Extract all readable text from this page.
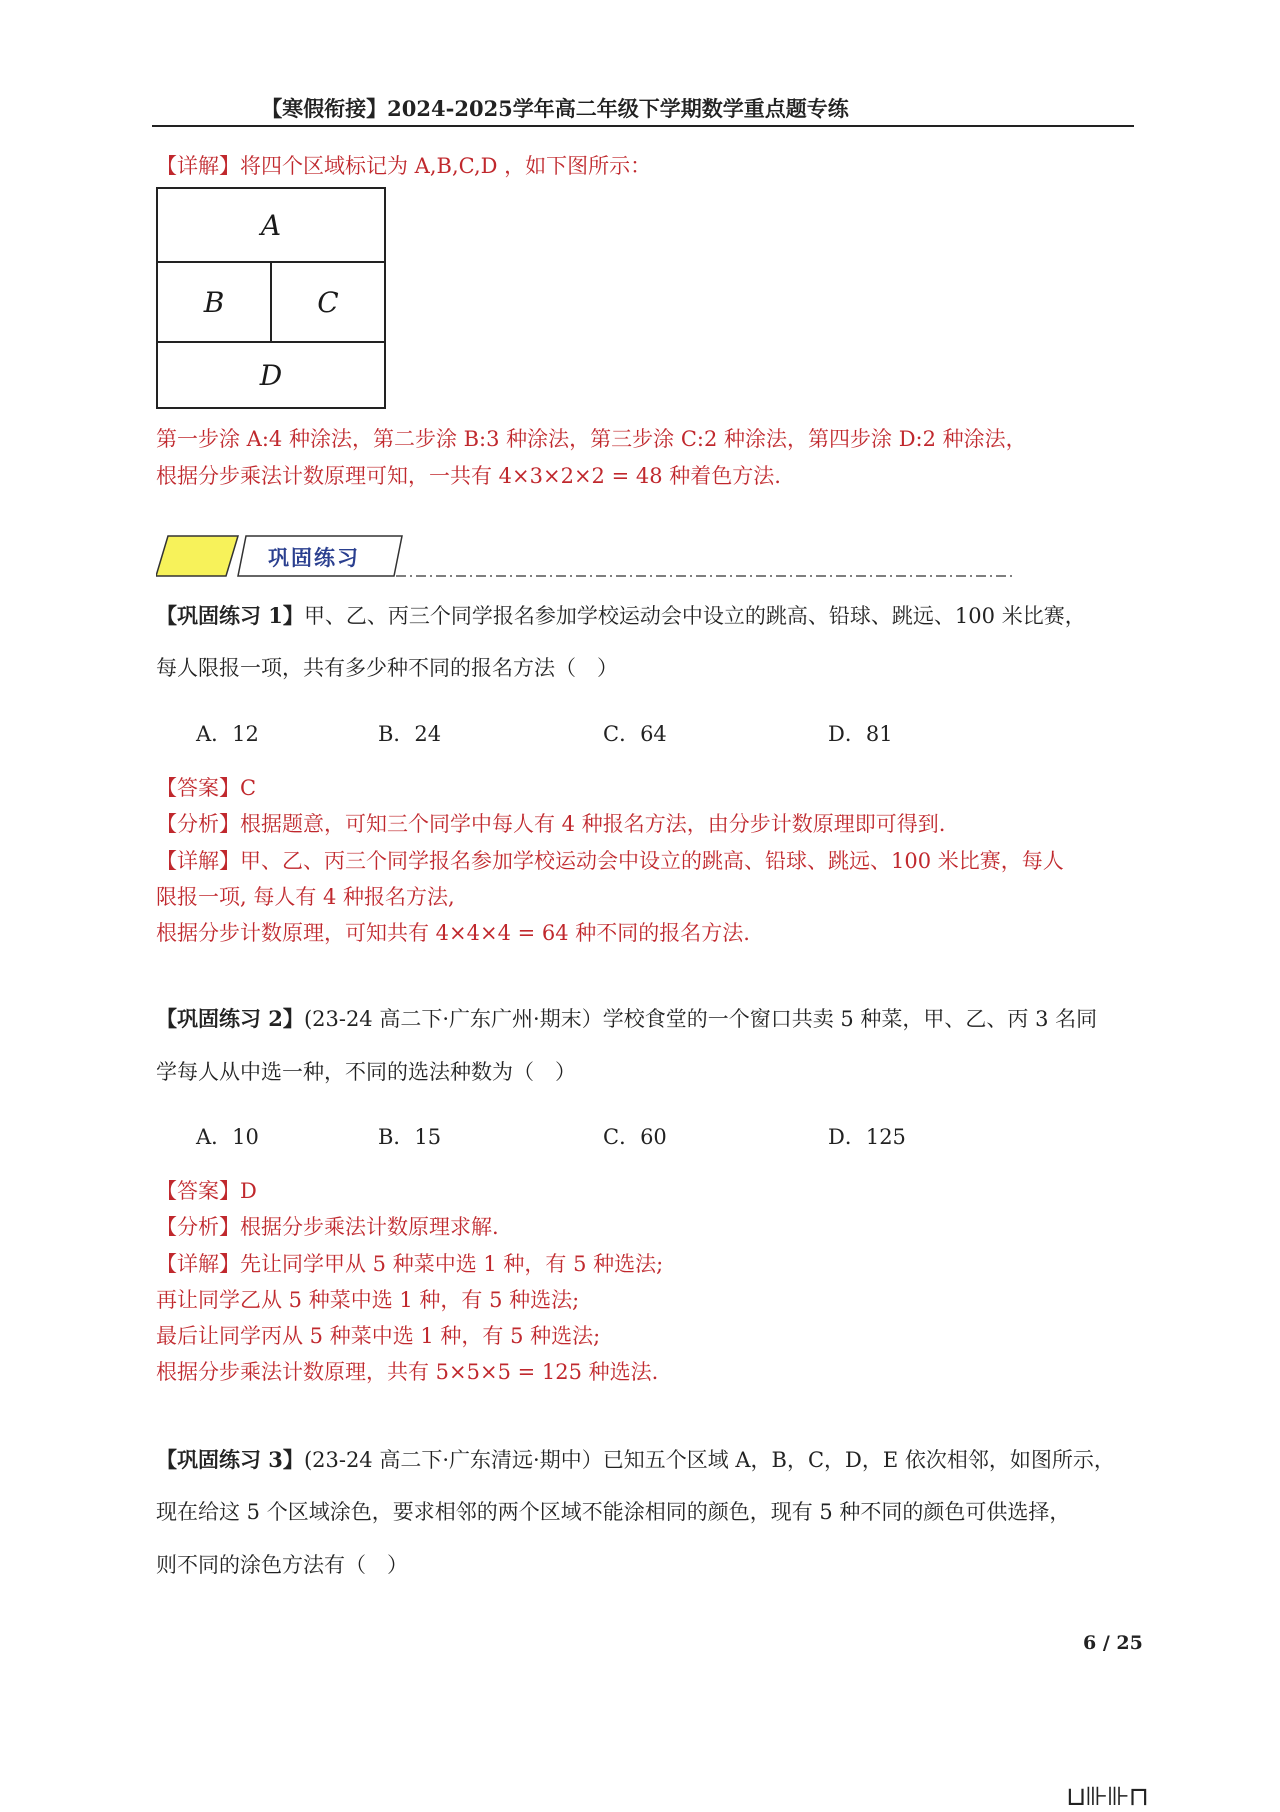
【寒假衔接】2024-2025学年高二年级下学期数学重点题专练
【详解】将四个区域标记为 A,B,C,D ，如下图所示：
A
B	C
D
第一步涂 A:4 种涂法，第二步涂 B:3 种涂法，第三步涂 C:2 种涂法，第四步涂 D:2 种涂法，
根据分步乘法计数原理可知，一共有 4×3×2×2 = 48 种着色方法.
巩固练习
【巩固练习 1】甲、乙、丙三个同学报名参加学校运动会中设立的跳高、铅球、跳远、100 米比赛，
每人限报一项，共有多少种不同的报名方法（　）
A．12	B．24	C．64	D．81
【答案】C
【分析】根据题意，可知三个同学中每人有 4 种报名方法，由分步计数原理即可得到.
【详解】甲、乙、丙三个同学报名参加学校运动会中设立的跳高、铅球、跳远、100 米比赛，每人
限报一项, 每人有 4 种报名方法,
根据分步计数原理，可知共有 4×4×4 = 64 种不同的报名方法.
【巩固练习 2】(23-24 高二下·广东广州·期末）学校食堂的一个窗口共卖 5 种菜，甲、乙、丙 3 名同
学每人从中选一种，不同的选法种数为（　）
A．10	B．15	C．60	D．125
【答案】D
【分析】根据分步乘法计数原理求解.
【详解】先让同学甲从 5 种菜中选 1 种，有 5 种选法;
再让同学乙从 5 种菜中选 1 种，有 5 种选法;
最后让同学丙从 5 种菜中选 1 种，有 5 种选法;
根据分步乘法计数原理，共有 5×5×5 = 125 种选法.
【巩固练习 3】(23-24 高二下·广东清远·期中）已知五个区域 A，B，C，D，E 依次相邻，如图所示，
现在给这 5 个区域涂色，要求相邻的两个区域不能涂相同的颜色，现有 5 种不同的颜色可供选择，
则不同的涂色方法有（　）
6 / 25
⊔⊪⊪⊓
